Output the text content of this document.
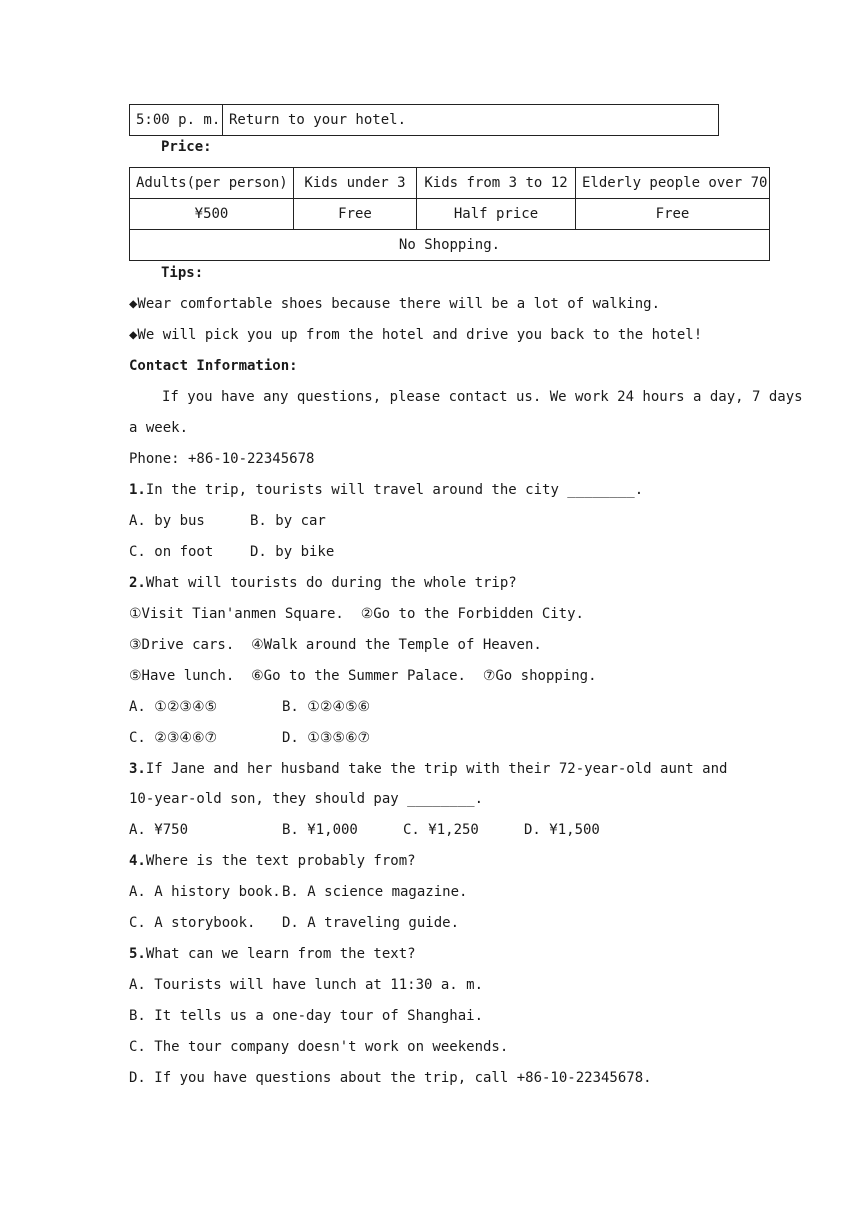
5:00 p. m.	Return to your hotel.
Price:
Adults(per person)	Kids under 3	Kids from 3 to 12	Elderly people over 70
¥500	Free	Half price	Free
No Shopping.			
Tips:
◆Wear comfortable shoes because there will be a lot of walking.
◆We will pick you up from the hotel and drive you back to the hotel!
Contact Information:
If you have any questions, please contact us. We work 24 hours a day, 7 days
a week.
Phone: +86-10-22345678
1.In the trip, tourists will travel around the city ________.
A. by bus	B. by car
C. on foot	D. by bike
2.What will tourists do during the whole trip?
①Visit Tian'anmen Square.  ②Go to the Forbidden City.
③Drive cars.  ④Walk around the Temple of Heaven.
⑤Have lunch.  ⑥Go to the Summer Palace.  ⑦Go shopping.
A. ①②③④⑤	B. ①②④⑤⑥
C. ②③④⑥⑦	D. ①③⑤⑥⑦
3.If Jane and her husband take the trip with their 72-year-old aunt and
10-year-old son, they should pay ________.
A. ¥750	B. ¥1,000	C. ¥1,250	D. ¥1,500
4.Where is the text probably from?
A. A history book. B. A science magazine.
C. A storybook. D. A traveling guide.
5.What can we learn from the text?
A. Tourists will have lunch at 11:30 a. m.
B. It tells us a one-day tour of Shanghai.
C. The tour company doesn't work on weekends.
D. If you have questions about the trip, call +86-10-22345678.
